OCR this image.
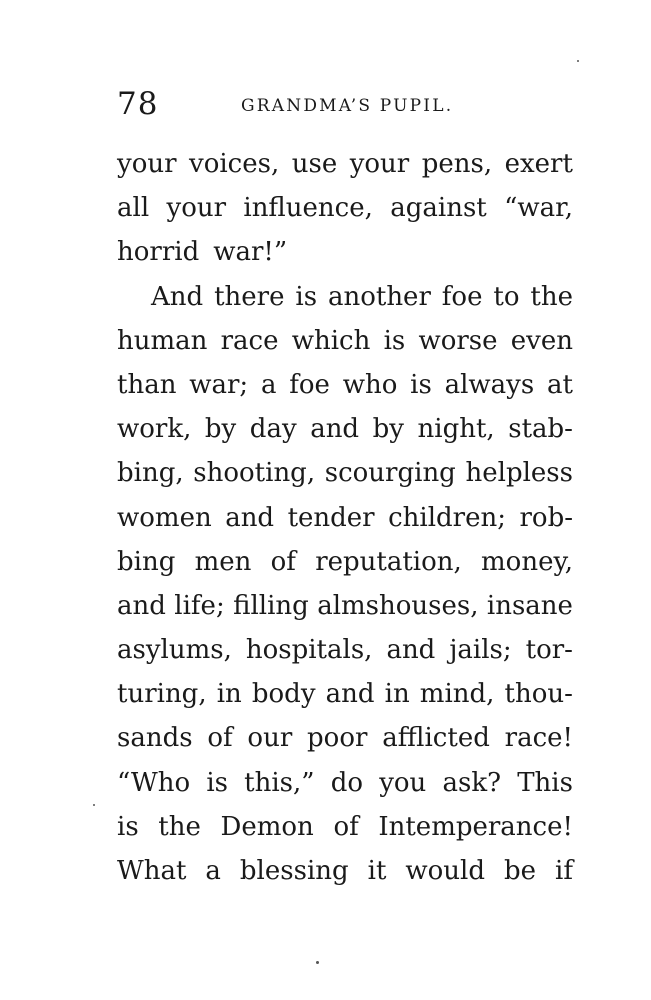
78	GRANDMA’S PUPIL.
your voices, use your pens, exert
all your influence, against “war,
horrid war!”
And there is another foe to the
human race which is worse even
than war; a foe who is always at
work, by day and by night, stab-
bing, shooting, scourging helpless
women and tender children; rob-
bing men of reputation, money,
and life; filling almshouses, insane
asylums, hospitals, and jails; tor-
turing, in body and in mind, thou-
sands of our poor afflicted race!
“Who is this,” do you ask? This
is the Demon of Intemperance!
What a blessing it would be if
